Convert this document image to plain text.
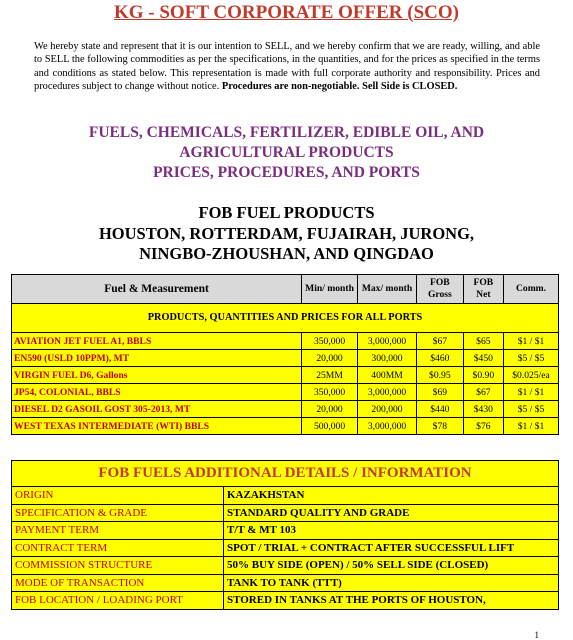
KG - SOFT CORPORATE OFFER (SCO)
We hereby state and represent that it is our intention to SELL, and we hereby confirm that we are ready, willing, and able to SELL the following commodities as per the specifications, in the quantities, and for the prices as specified in the terms and conditions as stated below. This representation is made with full corporate authority and responsibility. Prices and procedures subject to change without notice. Procedures are non-negotiable. Sell Side is CLOSED.
FUELS, CHEMICALS, FERTILIZER, EDIBLE OIL, AND
AGRICULTURAL PRODUCTS
PRICES, PROCEDURES, AND PORTS
FOB FUEL PRODUCTS
HOUSTON, ROTTERDAM, FUJAIRAH, JURONG,
NINGBO-ZHOUSHAN, AND QINGDAO
Fuel & Measurement	Min/ month	Max/ month	FOB Gross	FOB Net	Comm.
PRODUCTS, QUANTITIES AND PRICES FOR ALL PORTS					
AVIATION JET FUEL A1, BBLS	350,000	3,000,000	$67	$65	$1 / $1
EN590 (USLD 10PPM), MT	20,000	300,000	$460	$450	$5 / $5
VIRGIN FUEL D6, Gallons	25MM	400MM	$0.95	$0.90	$0.025/ea
JP54, COLONIAL, BBLS	350,000	3,000,000	$69	$67	$1 / $1
DIESEL D2 GASOIL GOST 305-2013, MT	20,000	200,000	$440	$430	$5 / $5
WEST TEXAS INTERMEDIATE (WTI) BBLS	500,000	3,000,000	$78	$76	$1 / $1
FOB FUELS ADDITIONAL DETAILS / INFORMATION	
ORIGIN	KAZAKHSTAN
SPECIFICATION & GRADE	STANDARD QUALITY AND GRADE
PAYMENT TERM	T/T & MT 103
CONTRACT TERM	SPOT / TRIAL + CONTRACT AFTER SUCCESSFUL LIFT
COMMISSION STRUCTURE	50% BUY SIDE (OPEN) / 50% SELL SIDE (CLOSED)
MODE OF TRANSACTION	TANK TO TANK (TTT)
FOB LOCATION / LOADING PORT	STORED IN TANKS AT THE PORTS OF HOUSTON,
1
